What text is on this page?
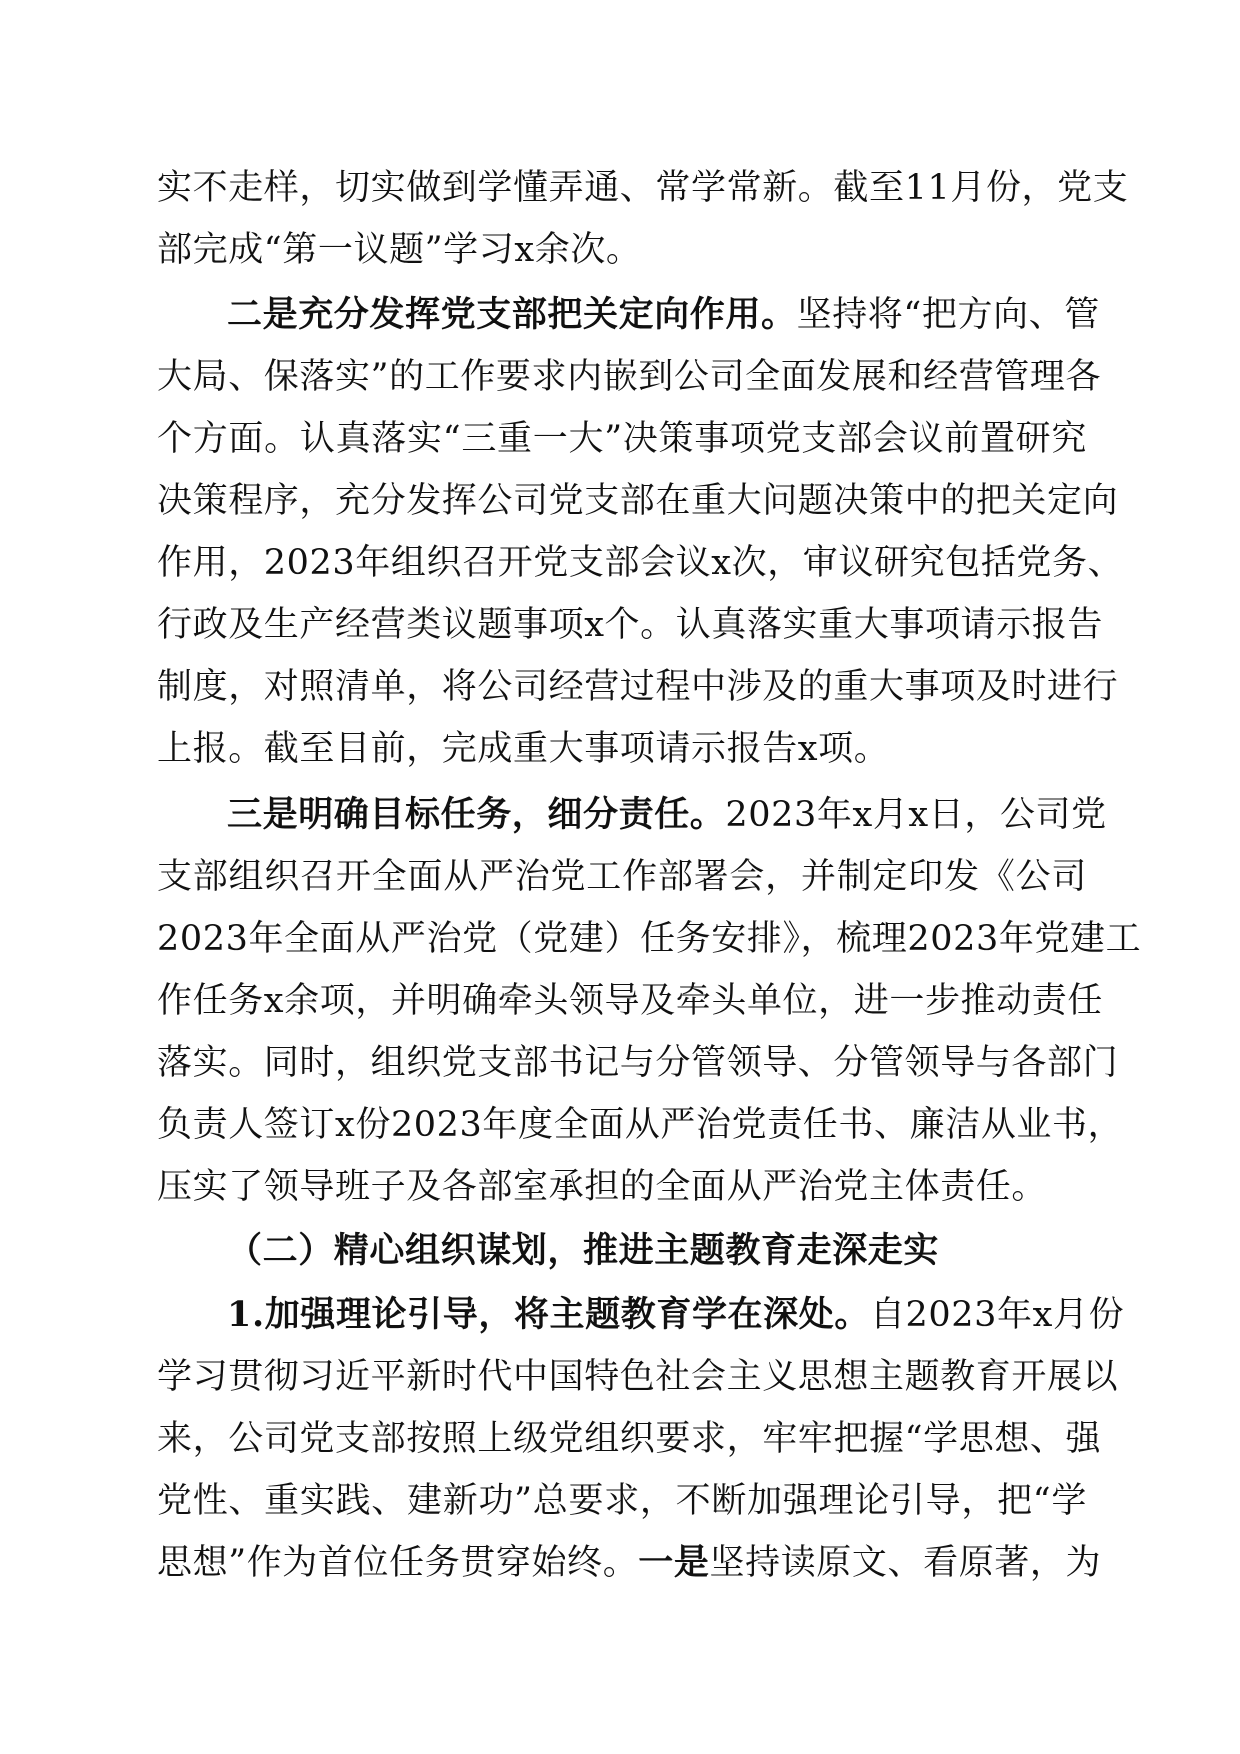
实不走样，切实做到学懂弄通、常学常新。截至11月份，党支
部完成“第一议题”学习x余次。
二是充分发挥党支部把关定向作用。坚持将“把方向、管
大局、保落实”的工作要求内嵌到公司全面发展和经营管理各
个方面。认真落实“三重一大”决策事项党支部会议前置研究
决策程序，充分发挥公司党支部在重大问题决策中的把关定向
作用，2023年组织召开党支部会议x次，审议研究包括党务、
行政及生产经营类议题事项x个。认真落实重大事项请示报告
制度，对照清单，将公司经营过程中涉及的重大事项及时进行
上报。截至目前，完成重大事项请示报告x项。
三是明确目标任务，细分责任。2023年x月x日，公司党
支部组织召开全面从严治党工作部署会，并制定印发《公司
2023年全面从严治党（党建）任务安排》，梳理2023年党建工
作任务x余项，并明确牵头领导及牵头单位，进一步推动责任
落实。同时，组织党支部书记与分管领导、分管领导与各部门
负责人签订x份2023年度全面从严治党责任书、廉洁从业书，
压实了领导班子及各部室承担的全面从严治党主体责任。
（二）精心组织谋划，推进主题教育走深走实
1.加强理论引导，将主题教育学在深处。自2023年x月份
学习贯彻习近平新时代中国特色社会主义思想主题教育开展以
来，公司党支部按照上级党组织要求，牢牢把握“学思想、强
党性、重实践、建新功”总要求，不断加强理论引导，把“学
思想”作为首位任务贯穿始终。一是坚持读原文、看原著，为
